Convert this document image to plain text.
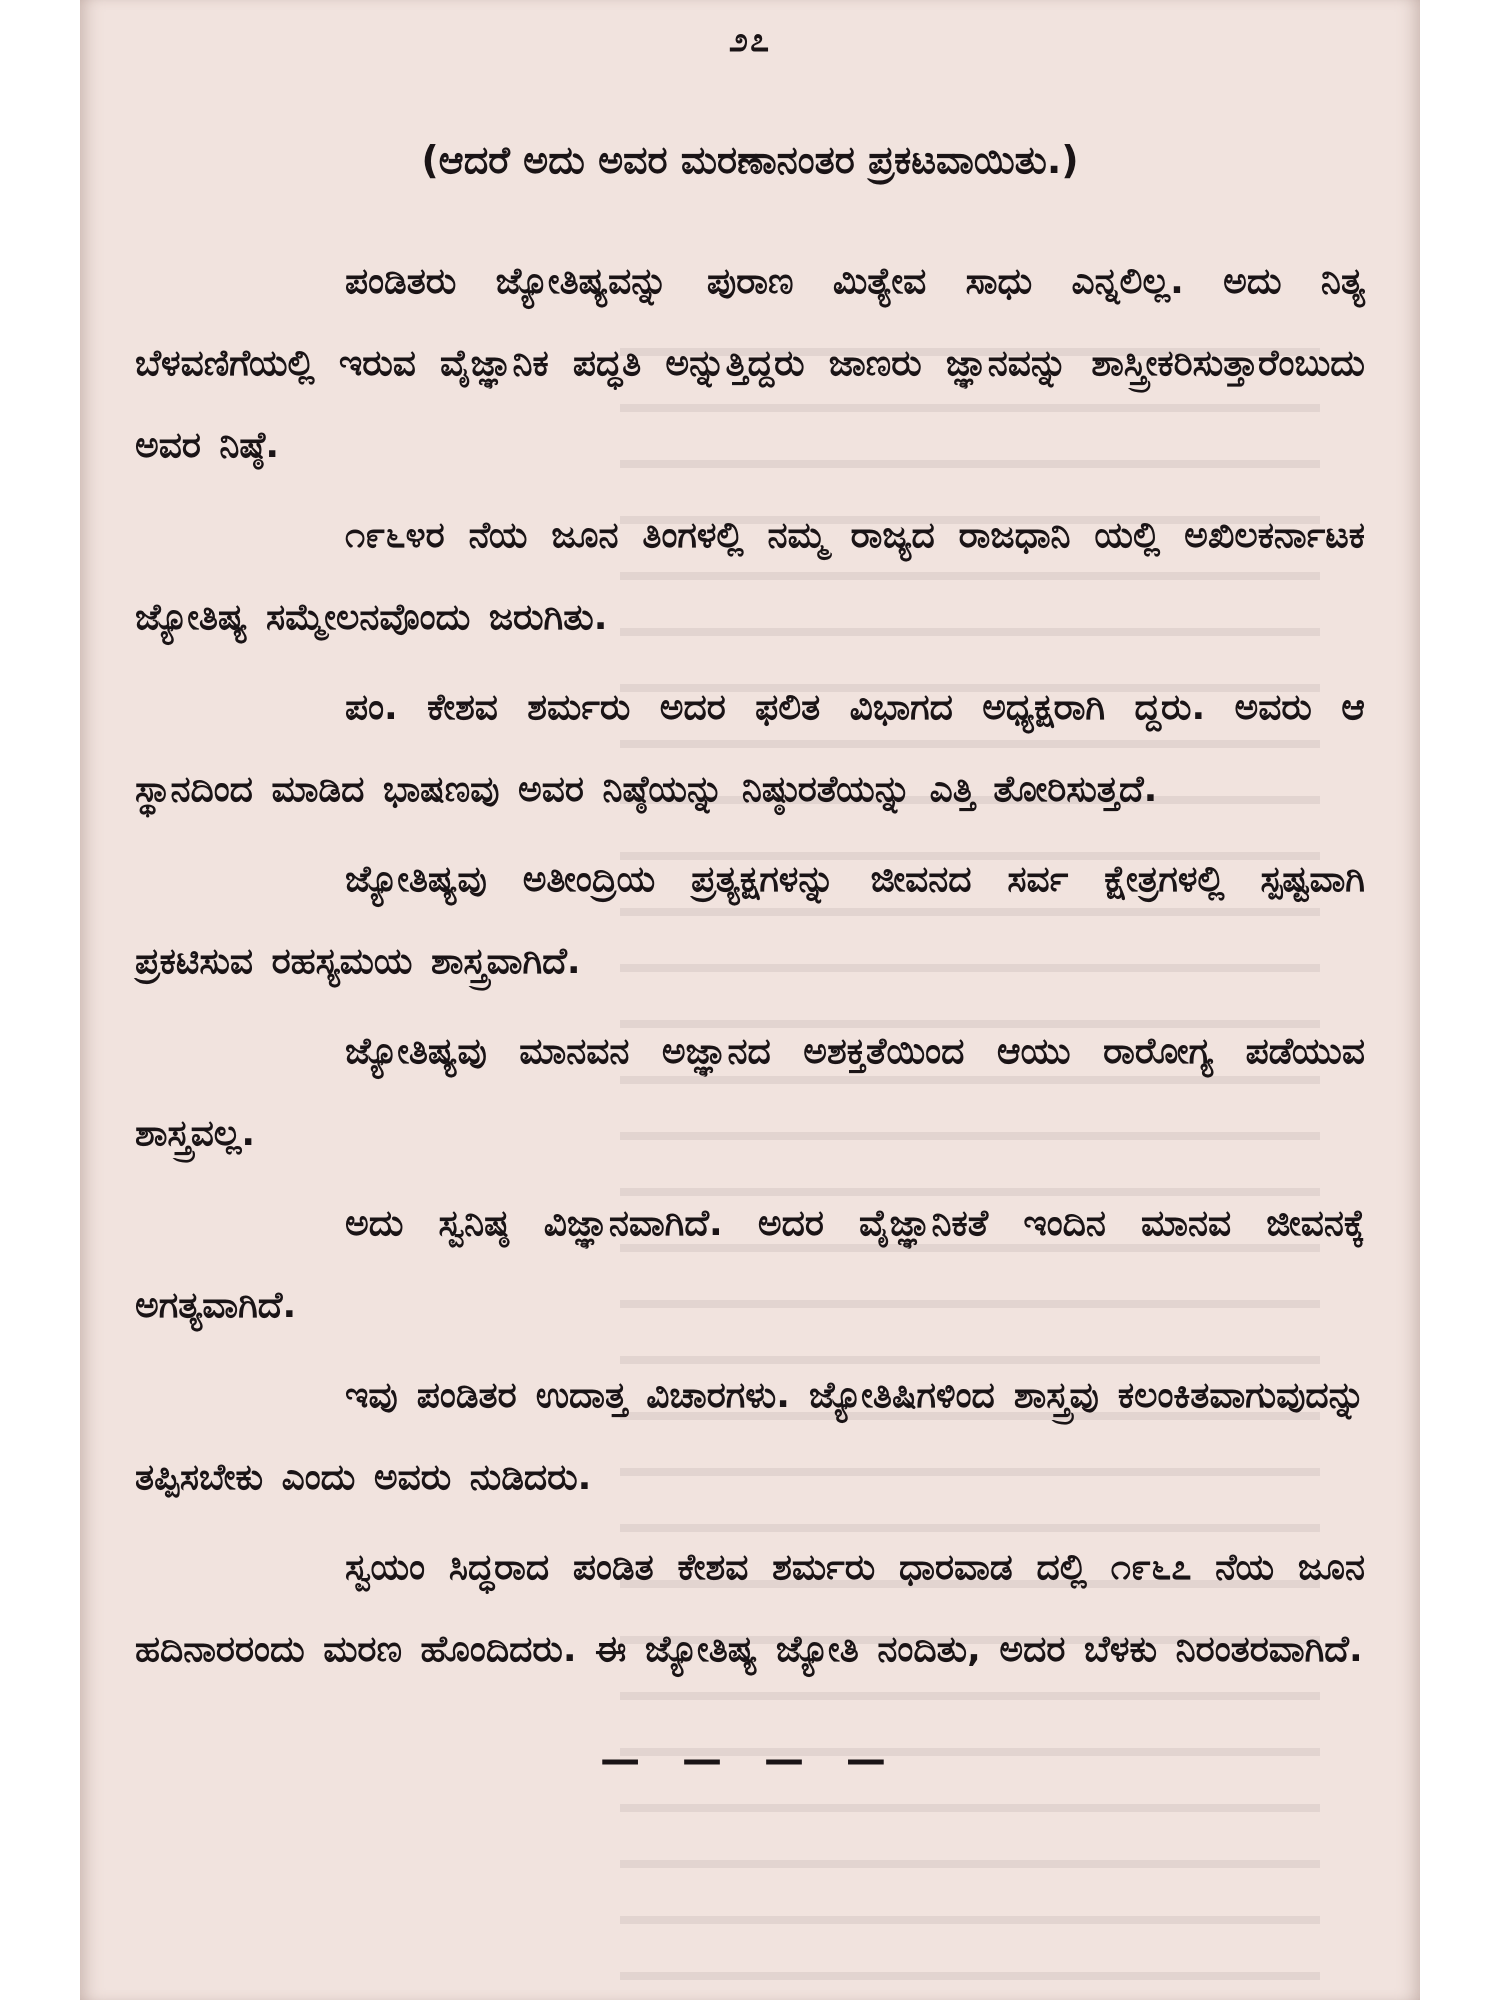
೨೭
(ಆದರೆ ಅದು ಅವರ ಮರಣಾನಂತರ ಪ್ರಕಟವಾಯಿತು.)

ಪಂಡಿತರು ಜ್ಯೋತಿಷ್ಯವನ್ನು ಪುರಾಣ ಮಿತ್ಯೇವ ಸಾಧು ಎನ್ನಲಿಲ್ಲ. ಅದು ನಿತ್ಯ ಬೆಳವಣಿಗೆಯಲ್ಲಿ ಇರುವ ವೈಜ್ಞಾನಿಕ ಪದ್ಧತಿ ಅನ್ನುತ್ತಿದ್ದರು ಜಾಣರು ಜ್ಞಾನವನ್ನು ಶಾಸ್ತ್ರೀಕರಿಸುತ್ತಾರೆಂಬುದು ಅವರ ನಿಷ್ಠೆ.

೧೯೬೪ರ ನೆಯ ಜೂನ ತಿಂಗಳಲ್ಲಿ ನಮ್ಮ ರಾಜ್ಯದ ರಾಜಧಾನಿ ಯಲ್ಲಿ ಅಖಿಲಕರ್ನಾಟಕ ಜ್ಯೋತಿಷ್ಯ ಸಮ್ಮೇಲನವೊಂದು ಜರುಗಿತು.

ಪಂ. ಕೇಶವ ಶರ್ಮರು ಅದರ ಫಲಿತ ವಿಭಾಗದ ಅಧ್ಯಕ್ಷರಾಗಿ ದ್ದರು. ಅವರು ಆ ಸ್ಥಾನದಿಂದ ಮಾಡಿದ ಭಾಷಣವು ಅವರ ನಿಷ್ಠೆಯನ್ನು ನಿಷ್ಠುರತೆಯನ್ನು ಎತ್ತಿ ತೋರಿಸುತ್ತದೆ.

ಜ್ಯೋತಿಷ್ಯವು ಅತೀಂದ್ರಿಯ ಪ್ರತ್ಯಕ್ಷಗಳನ್ನು ಜೀವನದ ಸರ್ವ ಕ್ಷೇತ್ರಗಳಲ್ಲಿ ಸ್ಪಷ್ಟವಾಗಿ ಪ್ರಕಟಿಸುವ ರಹಸ್ಯಮಯ ಶಾಸ್ತ್ರವಾಗಿದೆ.

ಜ್ಯೋತಿಷ್ಯವು ಮಾನವನ ಅಜ್ಞಾನದ ಅಶಕ್ತತೆಯಿಂದ ಆಯು ರಾರೋಗ್ಯ ಪಡೆಯುವ ಶಾಸ್ತ್ರವಲ್ಲ.

ಅದು ಸ್ವನಿಷ್ಠ ವಿಜ್ಞಾನವಾಗಿದೆ. ಅದರ ವೈಜ್ಞಾನಿಕತೆ ಇಂದಿನ ಮಾನವ ಜೀವನಕ್ಕೆ ಅಗತ್ಯವಾಗಿದೆ.

ಇವು ಪಂಡಿತರ ಉದಾತ್ತ ವಿಚಾರಗಳು. ಜ್ಯೋತಿಷಿಗಳಿಂದ ಶಾಸ್ತ್ರವು ಕಲಂಕಿತವಾಗುವುದನ್ನು ತಪ್ಪಿಸಬೇಕು ಎಂದು ಅವರು ನುಡಿದರು.

ಸ್ವಯಂ ಸಿದ್ಧರಾದ ಪಂಡಿತ ಕೇಶವ ಶರ್ಮರು ಧಾರವಾಡ ದಲ್ಲಿ ೧೯೬೭ ನೆಯ ಜೂನ ಹದಿನಾರರಂದು ಮರಣ ಹೊಂದಿದರು. ಈ ಜ್ಯೋತಿಷ್ಯ ಜ್ಯೋತಿ ನಂದಿತು, ಅದರ ಬೆಳಕು ನಿರಂತರವಾಗಿದೆ.

— — — —
